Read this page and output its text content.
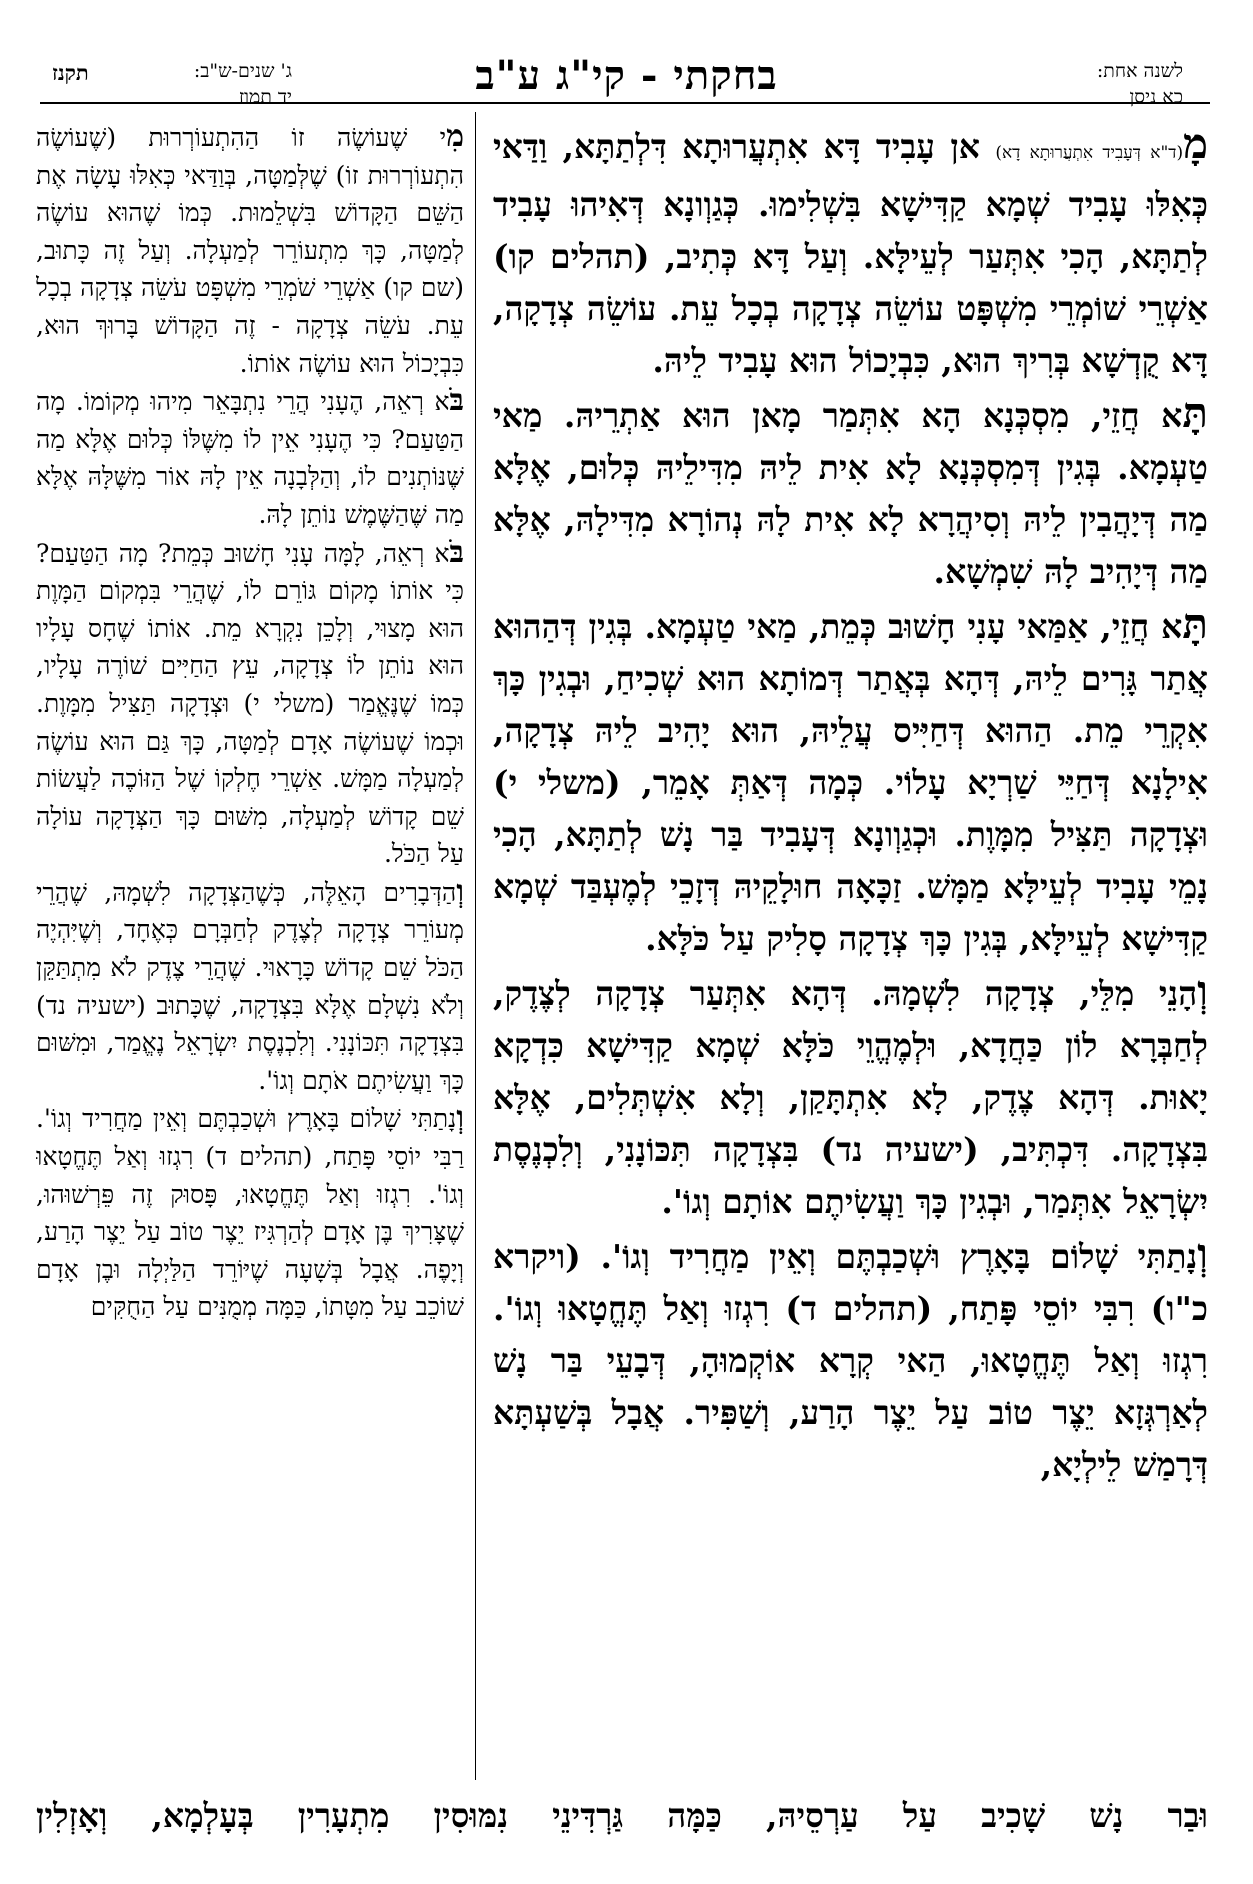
לשנה אחת:
כא ניסן
בחקתי - קי"ג ע"ב
ג' שנים-ש"ב:
יד תמוז
תקנז

מָ(ד"א דְּעָבִיד אִתְעֲרוּתָא דָא) אן עָבִיד דָּא אִתְעֲרוּתָא דִּלְתַתָּא, וַדַּאי כְּאִלּוּ עָבִיד שְׁמָא קַדִּישָׁא בִּשְׁלִימוּ. כְּגַוְונָא דְּאִיהוּ עָבִיד לְתַתָּא, הָכִי אִתְּעַר לְעֵילָּא. וְעַל דָּא כְּתִיב, (תהלים קו) אַשְׁרֵי שׁוֹמְרֵי מִשְׁפָּט עוֹשֵׂה צְדָקָה בְכָל עֵת. עוֹשֵׂה צְדָקָה, דָּא קֻדְשָׁא בְּרִיךְ הוּא, כִּבְיָכוֹל הוּא עָבִיד לֵיהּ.

תָּא חֲזֵי, מִסְכְּנָא הָא אִתְּמַר מָאן הוּא אַתְרֵיהּ. מַאי טַעְמָא. בְּגִין דְּמִסְכְּנָא לָא אִית לֵיהּ מִדִּילֵיהּ כְּלוּם, אֶלָּא מַה דְּיָהֲבִין לֵיהּ וְסִיהֲרָא לָא אִית לָהּ נְהוֹרָא מִדִּילָהּ, אֶלָּא מַה דְּיָהִיב לָהּ שִׁמְשָׁא.

תָּא חֲזֵי, אַמַּאי עָנִי חָשׁוּב כְּמֵת, מַאי טַעְמָא. בְּגִין דְּהַהוּא אֲתַר גָּרִים לֵיהּ, דְּהָא בְּאֲתַר דְּמוֹתָא הוּא שְׁכִיחַ, וּבְגִין כָּךְ אִקְרֵי מֵת. הַהוּא דְּחַיִּיס עֲלֵיהּ, הוּא יָהִיב לֵיהּ צְדָקָה, אִילָנָא דְּחַיֵּי שַׁרְיָא עָלוֹי. כְּמָה דְּאַתְּ אָמֵר, (משלי י) וּצְדָקָה תַּצִּיל מִמָּוֶת. וּכְגַוְונָא דְּעָבִיד בַּר נָשׁ לְתַתָּא, הָכִי נָמֵי עָבִיד לְעֵילָּא מַמָּשׁ. זַכָּאָה חוּלָקֵיהּ דְּזָכֵי לְמֶעְבַּד שְׁמָא קַדִּישָׁא לְעֵילָּא, בְּגִין כָּךְ צְדָקָה סָלִיק עַל כֹּלָּא.

וְהָנֵי מִלֵּי, צְדָקָה לִשְׁמָהּ. דְּהָא אִתְּעַר צְדָקָה לְצֶדֶק, לְחַבְּרָא לוֹן כַּחֲדָא, וּלְמֶהֱוֵי כֹּלָּא שְׁמָא קַדִּישָׁא כִּדְקָא יָאוּת. דְּהָא צֶדֶק, לָא אִתְתָּקַן, וְלָא אִשְׁתְּלִים, אֶלָּא בִּצְדָקָה. דִּכְתִּיב, (ישעיה נד) בִּצְדָקָה תִּכּוֹנָנִי, וְלִכְנֶסֶת יִשְׂרָאֵל אִתְּמַר, וּבְגִין כָּךְ וַעֲשִׂיתֶם אוֹתָם וְגוֹ'.

וְנָתַתִּי שָׁלוֹם בָּאָרֶץ וּשְׁכַבְתֶּם וְאֵין מַחֲרִיד וְגוֹ'. (ויקרא כ"ו) רִבִּי יוֹסֵי פָּתַח, (תהלים ד) רִגְזוּ וְאַל תֶּחֱטָאוּ וְגוֹ'. רִגְזוּ וְאַל תֶּחֱטָאוּ, הַאי קְרָא אוֹקְמוּהָ, דְּבָעֵי בַּר נָשׁ לְאַרְגְּזָא יֵצֶר טוֹב עַל יֵצֶר הָרַע, וְשַׁפִּיר. אֲבָל בְּשַׁעְתָּא דְּרָמַשׁ לֵילְיָא,

מִי שֶׁעוֹשֶׂה זוֹ הַהִתְעוֹרְרוּת (שֶׁעוֹשֶׂה הִתְעוֹרְרוּת זוֹ) שֶׁלְּמַטָּה, בְּוַדַּאי כְּאִלּוּ עָשָׂה אֶת הַשֵּׁם הַקָּדוֹשׁ בִּשְׁלֵמוּת. כְּמוֹ שֶׁהוּא עוֹשֶׂה לְמַטָּה, כָּךְ מִתְעוֹרֵר לְמַעְלָה. וְעַל זֶה כָּתוּב, (שם קו) אַשְׁרֵי שֹׁמְרֵי מִשְׁפָּט עֹשֵׂה צְדָקָה בְכָל עֵת. עֹשֵׂה צְדָקָה - זֶה הַקָּדוֹשׁ בָּרוּךְ הוּא, כִּבְיָכוֹל הוּא עוֹשֶׂה אוֹתוֹ.

בֹּא רְאֵה, הֶעָנִי הֲרֵי נִתְבָּאֵר מִיהוּ מְקוֹמוֹ. מָה הַטַּעַם? כִּי הֶעָנִי אֵין לוֹ מִשֶּׁלּוֹ כְּלוּם אֶלָּא מַה שֶּׁנּוֹתְנִים לוֹ, וְהַלְּבָנָה אֵין לָהּ אוֹר מִשֶּׁלָּהּ אֶלָּא מַה שֶּׁהַשֶּׁמֶשׁ נוֹתֵן לָהּ.

בֹּא רְאֵה, לָמָּה עָנִי חָשׁוּב כְּמֵת? מָה הַטַּעַם? כִּי אוֹתוֹ מָקוֹם גּוֹרֵם לוֹ, שֶׁהֲרֵי בִּמְקוֹם הַמָּוֶת הוּא מָצוּי, וְלָכֵן נִקְרָא מֵת. אוֹתוֹ שֶׁחָס עָלָיו הוּא נוֹתֵן לוֹ צְדָקָה, עֵץ הַחַיִּים שׁוֹרֶה עָלָיו, כְּמוֹ שֶׁנֶּאֱמַר (משלי י) וּצְדָקָה תַּצִּיל מִמָּוֶת. וּכְמוֹ שֶׁעוֹשֶׂה אָדָם לְמַטָּה, כָּךְ גַּם הוּא עוֹשֶׂה לְמַעְלָה מַמָּשׁ. אַשְׁרֵי חֶלְקוֹ שֶׁל הַזּוֹכֶה לַעֲשׂוֹת שֵׁם קָדוֹשׁ לְמַעְלָה, מִשּׁוּם כָּךְ הַצְּדָקָה עוֹלָה עַל הַכֹּל.

וְהַדְּבָרִים הָאֵלֶּה, כְּשֶׁהַצְּדָקָה לִשְׁמָהּ, שֶׁהֲרֵי מְעוֹרֵר צְדָקָה לְצֶדֶק לְחַבְּרָם כְּאֶחָד, וְשֶׁיִּהְיֶה הַכֹּל שֵׁם קָדוֹשׁ כָּרָאוּי. שֶׁהֲרֵי צֶדֶק לֹא מִתְתַּקֵּן וְלֹא נִשְׁלָם אֶלָּא בִּצְדָקָה, שֶׁכָּתוּב (ישעיה נד) בִּצְדָקָה תִּכּוֹנָנִי. וְלִכְנֶסֶת יִשְׂרָאֵל נֶאֱמַר, וּמִשּׁוּם כָּךְ וַעֲשִׂיתֶם אֹתָם וְגוֹ'.

וְנָתַתִּי שָׁלוֹם בָּאָרֶץ וּשְׁכַבְתֶּם וְאֵין מַחֲרִיד וְגוֹ'. רַבִּי יוֹסֵי פָּתַח, (תהלים ד) רִגְזוּ וְאַל תֶּחֱטָאוּ וְגוֹ'. רִגְזוּ וְאַל תֶּחֱטָאוּ, פָּסוּק זֶה פֵּרְשׁוּהוּ, שֶׁצָּרִיךְ בֶּן אָדָם לְהַרְגִּיז יֵצֶר טוֹב עַל יֵצֶר הָרַע, וְיָפֶה. אֲבָל בְּשָׁעָה שֶׁיּוֹרֵד הַלַּיְלָה וּבֶן אָדָם שׁוֹכֵב עַל מִטָּתוֹ, כַּמָּה מְמֻנִּים עַל הַחֻקִּים

וּבַר נָשׁ שָׁכִיב עַל עַרְסֵיהּ, כַּמָּה גַּרְדִּינֵי נִמּוּסִין מִתְעָרִין בְּעָלְמָא, וְאָזְלִין
